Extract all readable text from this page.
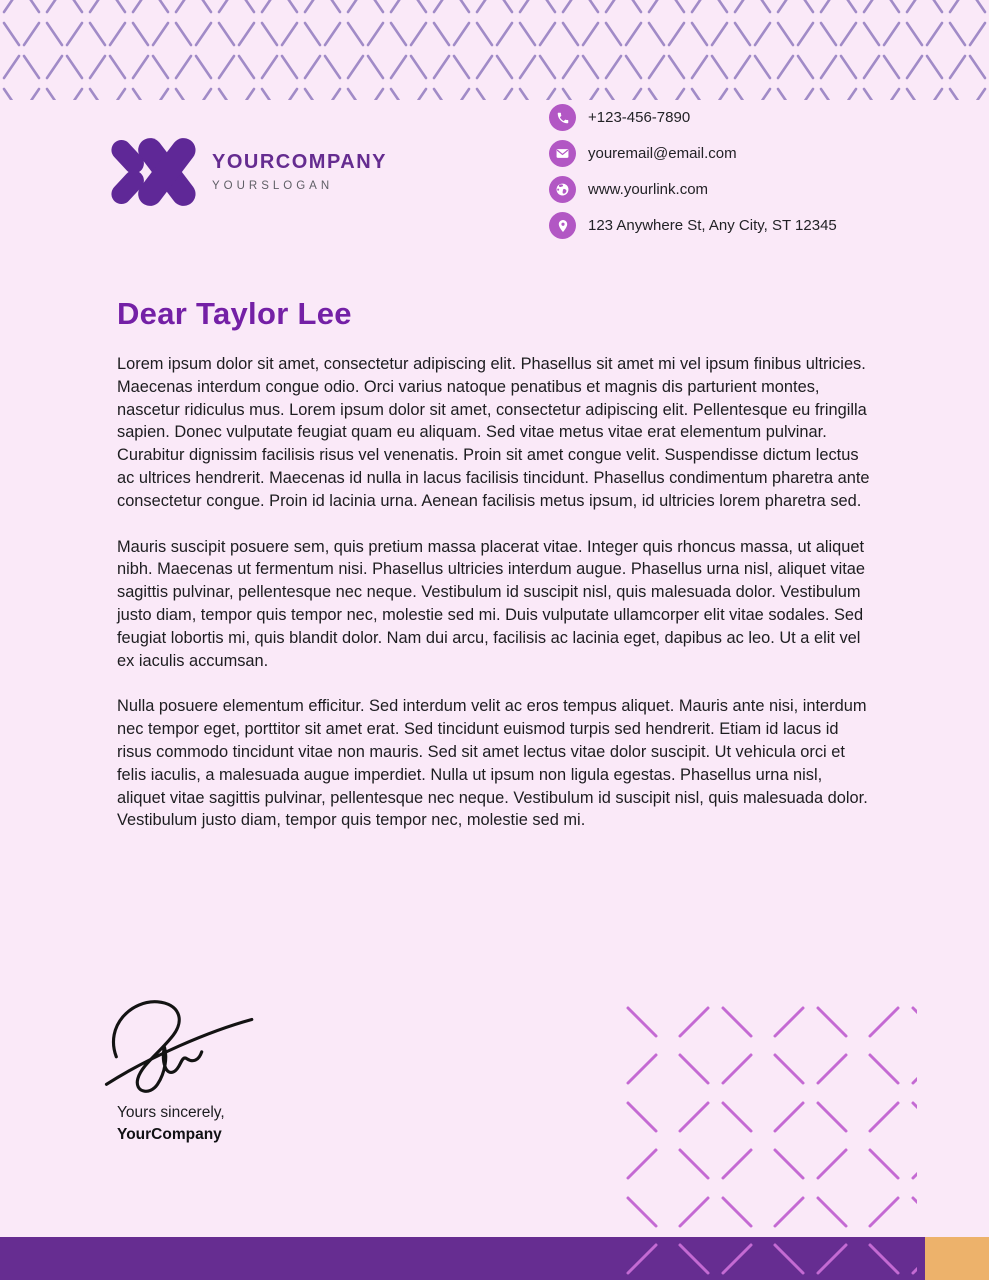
YOURCOMPANY
YOURSLOGAN
+123-456-7890
youremail@email.com
www.yourlink.com
123 Anywhere St, Any City, ST 12345
Dear Taylor Lee

Lorem ipsum dolor sit amet, consectetur adipiscing elit. Phasellus sit amet mi vel ipsum finibus ultricies. Maecenas interdum congue odio. Orci varius natoque penatibus et magnis dis parturient montes, nascetur ridiculus mus. Lorem ipsum dolor sit amet, consectetur adipiscing elit. Pellentesque eu fringilla sapien. Donec vulputate feugiat quam eu aliquam. Sed vitae metus vitae erat elementum pulvinar. Curabitur dignissim facilisis risus vel venenatis. Proin sit amet congue velit. Suspendisse dictum lectus ac ultrices hendrerit. Maecenas id nulla in lacus facilisis tincidunt. Phasellus condimentum pharetra ante consectetur congue. Proin id lacinia urna. Aenean facilisis metus ipsum, id ultricies lorem pharetra sed.

Mauris suscipit posuere sem, quis pretium massa placerat vitae. Integer quis rhoncus massa, ut aliquet nibh. Maecenas ut fermentum nisi. Phasellus ultricies interdum augue. Phasellus urna nisl, aliquet vitae sagittis pulvinar, pellentesque nec neque. Vestibulum id suscipit nisl, quis malesuada dolor. Vestibulum justo diam, tempor quis tempor nec, molestie sed mi. Duis vulputate ullamcorper elit vitae sodales. Sed feugiat lobortis mi, quis blandit dolor. Nam dui arcu, facilisis ac lacinia eget, dapibus ac leo. Ut a elit vel ex iaculis accumsan.

Nulla posuere elementum efficitur. Sed interdum velit ac eros tempus aliquet. Mauris ante nisi, interdum nec tempor eget, porttitor sit amet erat. Sed tincidunt euismod turpis sed hendrerit. Etiam id lacus id risus commodo tincidunt vitae non mauris. Sed sit amet lectus vitae dolor suscipit. Ut vehicula orci et felis iaculis, a malesuada augue imperdiet. Nulla ut ipsum non ligula egestas. Phasellus urna nisl, aliquet vitae sagittis pulvinar, pellentesque nec neque. Vestibulum id suscipit nisl, quis malesuada dolor. Vestibulum justo diam, tempor quis tempor nec, molestie sed mi.

Yours sincerely,
YourCompany
